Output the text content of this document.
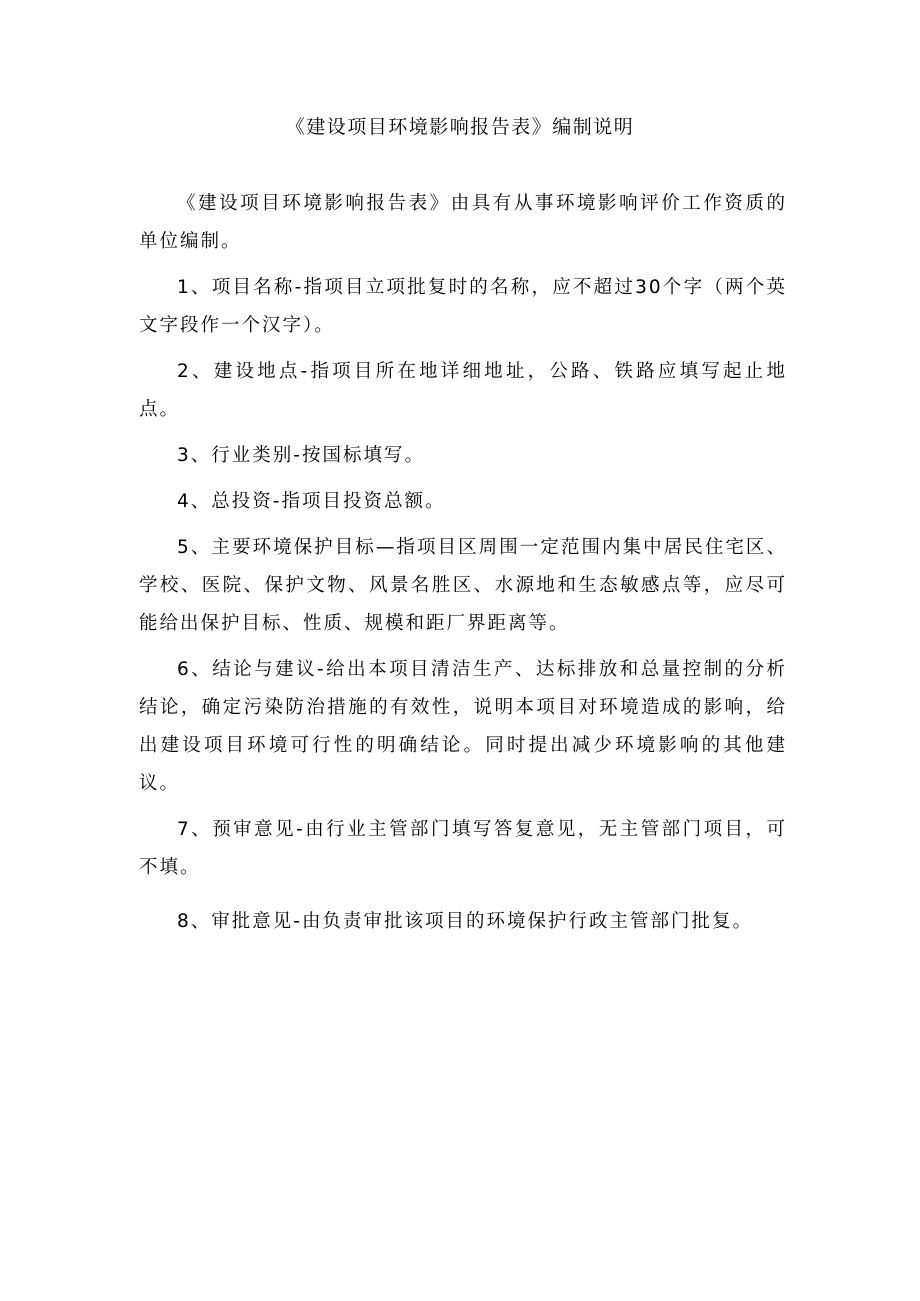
《建设项目环境影响报告表》编制说明

《建设项目环境影响报告表》由具有从事环境影响评价工作资质的单位编制。

1、项目名称-指项目立项批复时的名称，应不超过30个字（两个英文字段作一个汉字）。

2、建设地点-指项目所在地详细地址，公路、铁路应填写起止地点。

3、行业类别-按国标填写。

4、总投资-指项目投资总额。

5、主要环境保护目标—指项目区周围一定范围内集中居民住宅区、学校、医院、保护文物、风景名胜区、水源地和生态敏感点等，应尽可能给出保护目标、性质、规模和距厂界距离等。

6、结论与建议-给出本项目清洁生产、达标排放和总量控制的分析结论，确定污染防治措施的有效性，说明本项目对环境造成的影响，给出建设项目环境可行性的明确结论。同时提出减少环境影响的其他建议。

7、预审意见-由行业主管部门填写答复意见，无主管部门项目，可不填。

8、审批意见-由负责审批该项目的环境保护行政主管部门批复。
